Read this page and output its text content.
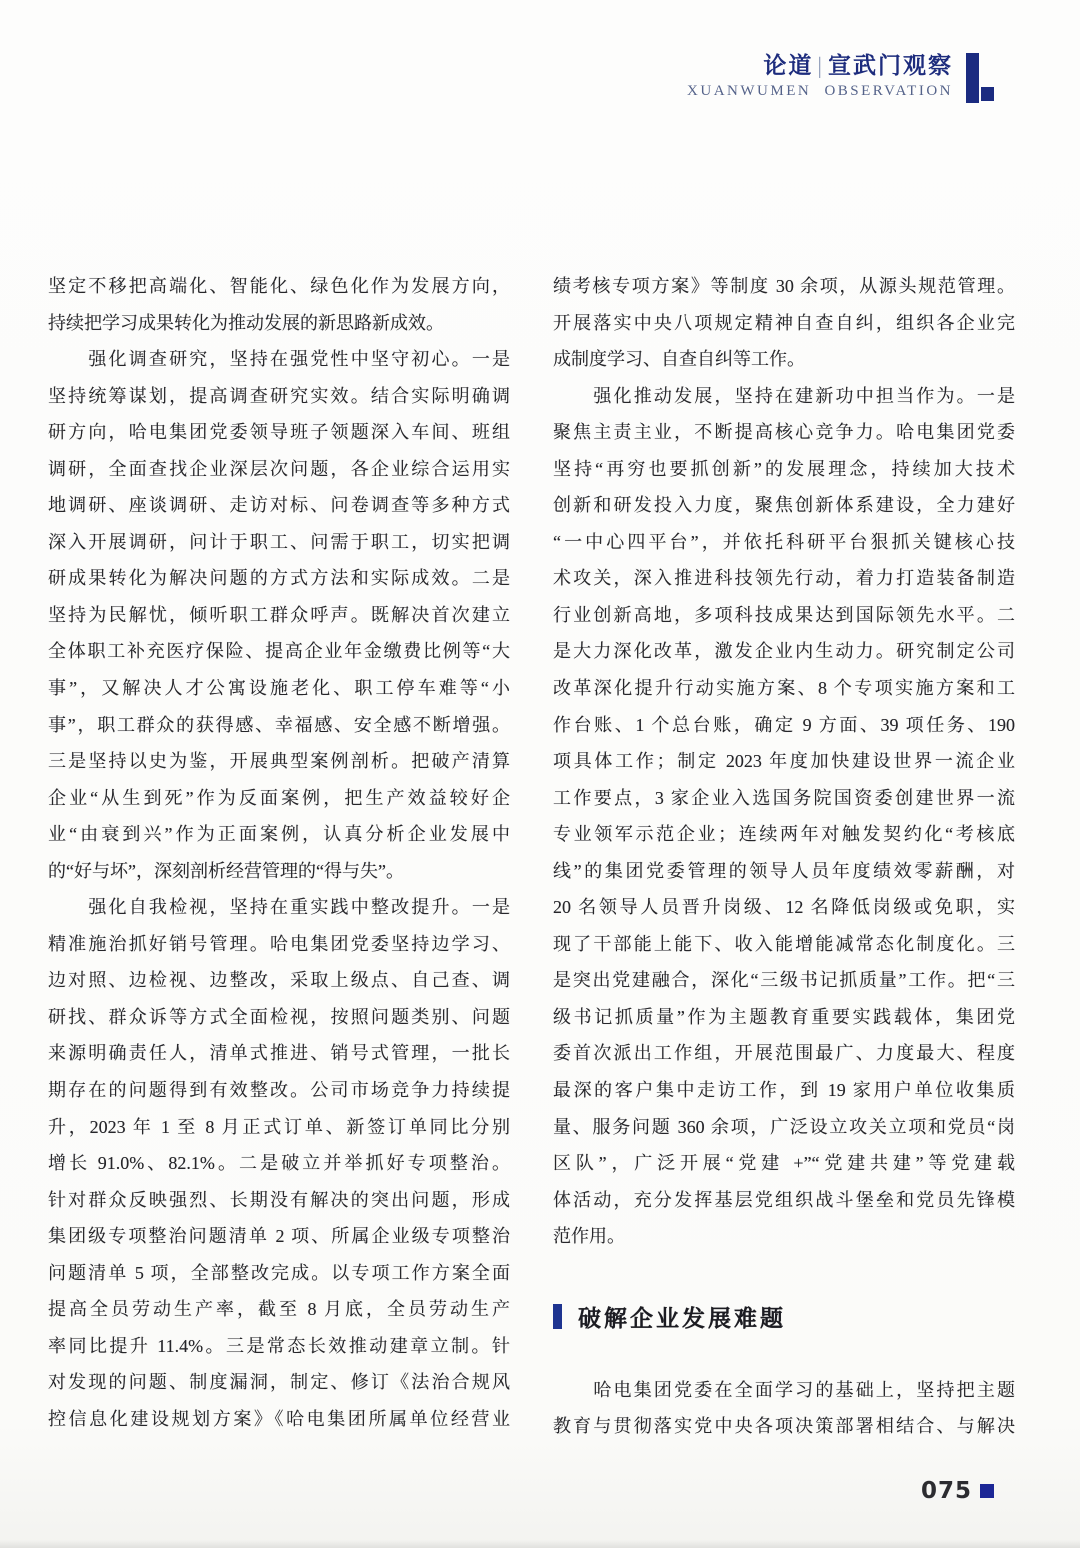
论道 | 宣武门观察
XUANWUMEN OBSERVATION
坚定不移把高端化、智能化、绿色化作为发展方向，
持续把学习成果转化为推动发展的新思路新成效。
　　强化调查研究，坚持在强党性中坚守初心。一是
坚持统筹谋划，提高调查研究实效。结合实际明确调
研方向，哈电集团党委领导班子领题深入车间、班组
调研，全面查找企业深层次问题，各企业综合运用实
地调研、座谈调研、走访对标、问卷调查等多种方式
深入开展调研，问计于职工、问需于职工，切实把调
研成果转化为解决问题的方式方法和实际成效。二是
坚持为民解忧，倾听职工群众呼声。既解决首次建立
全体职工补充医疗保险、提高企业年金缴费比例等“大
事”，又解决人才公寓设施老化、职工停车难等“小
事”，职工群众的获得感、幸福感、安全感不断增强。
三是坚持以史为鉴，开展典型案例剖析。把破产清算
企业“从生到死”作为反面案例，把生产效益较好企
业“由衰到兴”作为正面案例，认真分析企业发展中
的“好与坏”，深刻剖析经营管理的“得与失”。
　　强化自我检视，坚持在重实践中整改提升。一是
精准施治抓好销号管理。哈电集团党委坚持边学习、
边对照、边检视、边整改，采取上级点、自己查、调
研找、群众诉等方式全面检视，按照问题类别、问题
来源明确责任人，清单式推进、销号式管理，一批长
期存在的问题得到有效整改。公司市场竞争力持续提
升，2023 年 1 至 8 月正式订单、新签订单同比分别
增长 91.0%、82.1%。二是破立并举抓好专项整治。
针对群众反映强烈、长期没有解决的突出问题，形成
集团级专项整治问题清单 2 项、所属企业级专项整治
问题清单 5 项，全部整改完成。以专项工作方案全面
提高全员劳动生产率，截至 8 月底，全员劳动生产
率同比提升 11.4%。三是常态长效推动建章立制。针
对发现的问题、制度漏洞，制定、修订《法治合规风
控信息化建设规划方案》《哈电集团所属单位经营业
绩考核专项方案》等制度 30 余项，从源头规范管理。
开展落实中央八项规定精神自查自纠，组织各企业完
成制度学习、自查自纠等工作。
　　强化推动发展，坚持在建新功中担当作为。一是
聚焦主责主业，不断提高核心竞争力。哈电集团党委
坚持“再穷也要抓创新”的发展理念，持续加大技术
创新和研发投入力度，聚焦创新体系建设，全力建好
“一中心四平台”，并依托科研平台狠抓关键核心技
术攻关，深入推进科技领先行动，着力打造装备制造
行业创新高地，多项科技成果达到国际领先水平。二
是大力深化改革，激发企业内生动力。研究制定公司
改革深化提升行动实施方案、8 个专项实施方案和工
作台账、1 个总台账，确定 9 方面、39 项任务、190
项具体工作；制定 2023 年度加快建设世界一流企业
工作要点，3 家企业入选国务院国资委创建世界一流
专业领军示范企业；连续两年对触发契约化“考核底
线”的集团党委管理的领导人员年度绩效零薪酬，对
20 名领导人员晋升岗级、12 名降低岗级或免职，实
现了干部能上能下、收入能增能减常态化制度化。三
是突出党建融合，深化“三级书记抓质量”工作。把“三
级书记抓质量”作为主题教育重要实践载体，集团党
委首次派出工作组，开展范围最广、力度最大、程度
最深的客户集中走访工作，到 19 家用户单位收集质
量、服务问题 360 余项，广泛设立攻关立项和党员“岗
区队”，广泛开展“党建 +”“党建共建”等党建载
体活动，充分发挥基层党组织战斗堡垒和党员先锋模
范作用。
破解企业发展难题
　　哈电集团党委在全面学习的基础上，坚持把主题
教育与贯彻落实党中央各项决策部署相结合、与解决
075
